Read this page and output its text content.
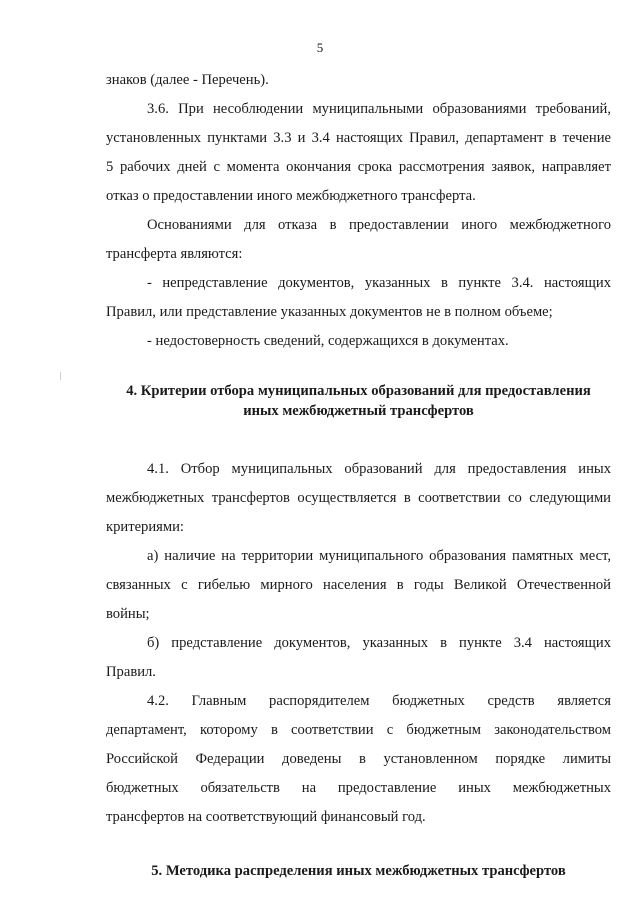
5
знаков (далее - Перечень).
3.6. При несоблюдении муниципальными образованиями требований,
установленных пунктами 3.3 и 3.4 настоящих Правил, департамент в течение
5 рабочих дней с момента окончания срока рассмотрения заявок, направляет
отказ о предоставлении иного межбюджетного трансферта.
Основаниями для отказа в предоставлении иного межбюджетного
трансферта являются:
- непредставление документов, указанных в пункте 3.4. настоящих
Правил, или представление указанных документов не в полном объеме;
- недостоверность сведений, содержащихся в документах.
4. Критерии отбора муниципальных образований для предоставления
иных межбюджетный трансфертов
4.1. Отбор муниципальных образований для предоставления иных
межбюджетных трансфертов осуществляется в соответствии со следующими
критериями:
а) наличие на территории муниципального образования памятных мест,
связанных с гибелью мирного населения в годы Великой Отечественной
войны;
б) представление документов, указанных в пункте 3.4 настоящих
Правил.
4.2. Главным распорядителем бюджетных средств является
департамент, которому в соответствии с бюджетным законодательством
Российской Федерации доведены в установленном порядке лимиты
бюджетных обязательств на предоставление иных межбюджетных
трансфертов на соответствующий финансовый год.
5. Методика распределения иных межбюджетных трансфертов
